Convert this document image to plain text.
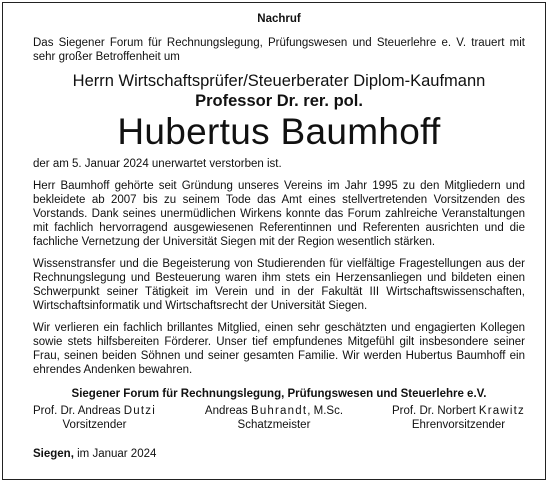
Nachruf
Das Siegener Forum für Rechnungslegung, Prüfungswesen und Steuerlehre e. V. trauert mit sehr großer Betroffenheit um
Herrn Wirtschaftsprüfer/Steuerberater Diplom-Kaufmann
Professor Dr. rer. pol.
Hubertus Baumhoff
der am 5. Januar 2024 unerwartet verstorben ist.
Herr Baumhoff gehörte seit Gründung unseres Vereins im Jahr 1995 zu den Mitgliedern und bekleidete ab 2007 bis zu seinem Tode das Amt eines stellvertretenden Vorsitzenden des Vorstands. Dank seines unermüdlichen Wirkens konnte das Forum zahlreiche Veranstaltungen mit fachlich hervorragend ausgewiesenen Referentinnen und Referenten ausrichten und die fachliche Vernetzung der Universität Siegen mit der Region wesentlich stärken.
Wissenstransfer und die Begeisterung von Studierenden für vielfältige Fragestellungen aus der Rechnungslegung und Besteuerung waren ihm stets ein Herzensanliegen und bildeten einen Schwerpunkt seiner Tätigkeit im Verein und in der Fakultät III Wirtschaftswissenschaften, Wirtschaftsinformatik und Wirtschaftsrecht der Universität Siegen.
Wir verlieren ein fachlich brillantes Mitglied, einen sehr geschätzten und engagierten Kollegen sowie stets hilfsbereiten Förderer. Unser tief empfundenes Mitgefühl gilt insbesondere seiner Frau, seinen beiden Söhnen und seiner gesamten Familie. Wir werden Hubertus Baumhoff ein ehrendes Andenken bewahren.
Siegener Forum für Rechnungslegung, Prüfungswesen und Steuerlehre e.V.
Prof. Dr. Andreas Dutzi
Vorsitzender
Andreas Buhrandt, M.Sc.
Schatzmeister
Prof. Dr. Norbert Krawitz
Ehrenvorsitzender
Siegen, im Januar 2024
